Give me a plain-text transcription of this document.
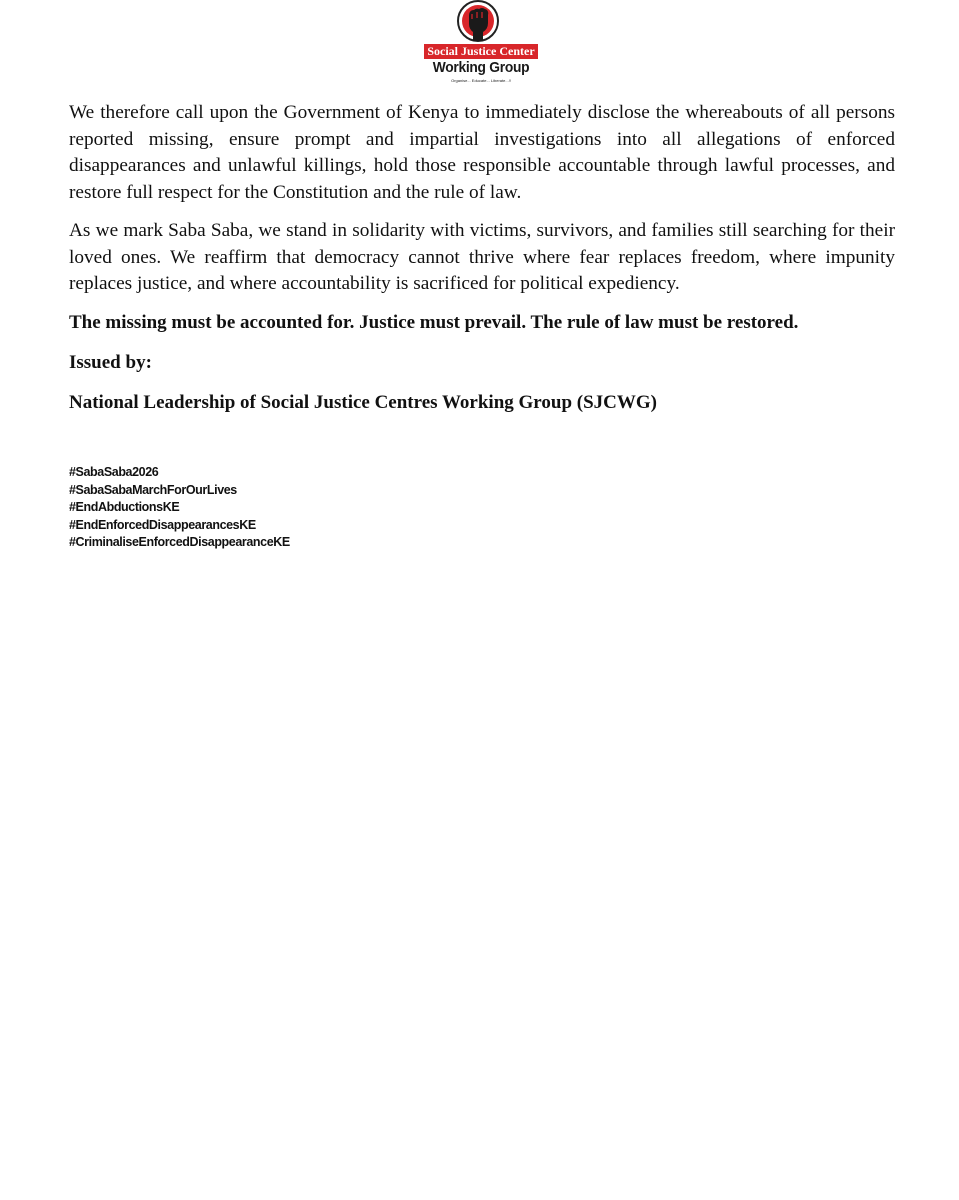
Social Justice Center
Working Group
Organise... Educate... Liberate...!!

We therefore call upon the Government of Kenya to immediately disclose the whereabouts of all persons reported missing, ensure prompt and impartial investigations into all allegations of enforced disappearances and unlawful killings, hold those responsible accountable through lawful processes, and restore full respect for the Constitution and the rule of law.

As we mark Saba Saba, we stand in solidarity with victims, survivors, and families still searching for their loved ones. We reaffirm that democracy cannot thrive where fear replaces freedom, where impunity replaces justice, and where accountability is sacrificed for political expediency.

The missing must be accounted for. Justice must prevail. The rule of law must be restored.

Issued by:

National Leadership of Social Justice Centres Working Group (SJCWG)

#SabaSaba2026
#SabaSabaMarchForOurLives
#EndAbductionsKE
#EndEnforcedDisappearancesKE
#CriminaliseEnforcedDisappearanceKE
